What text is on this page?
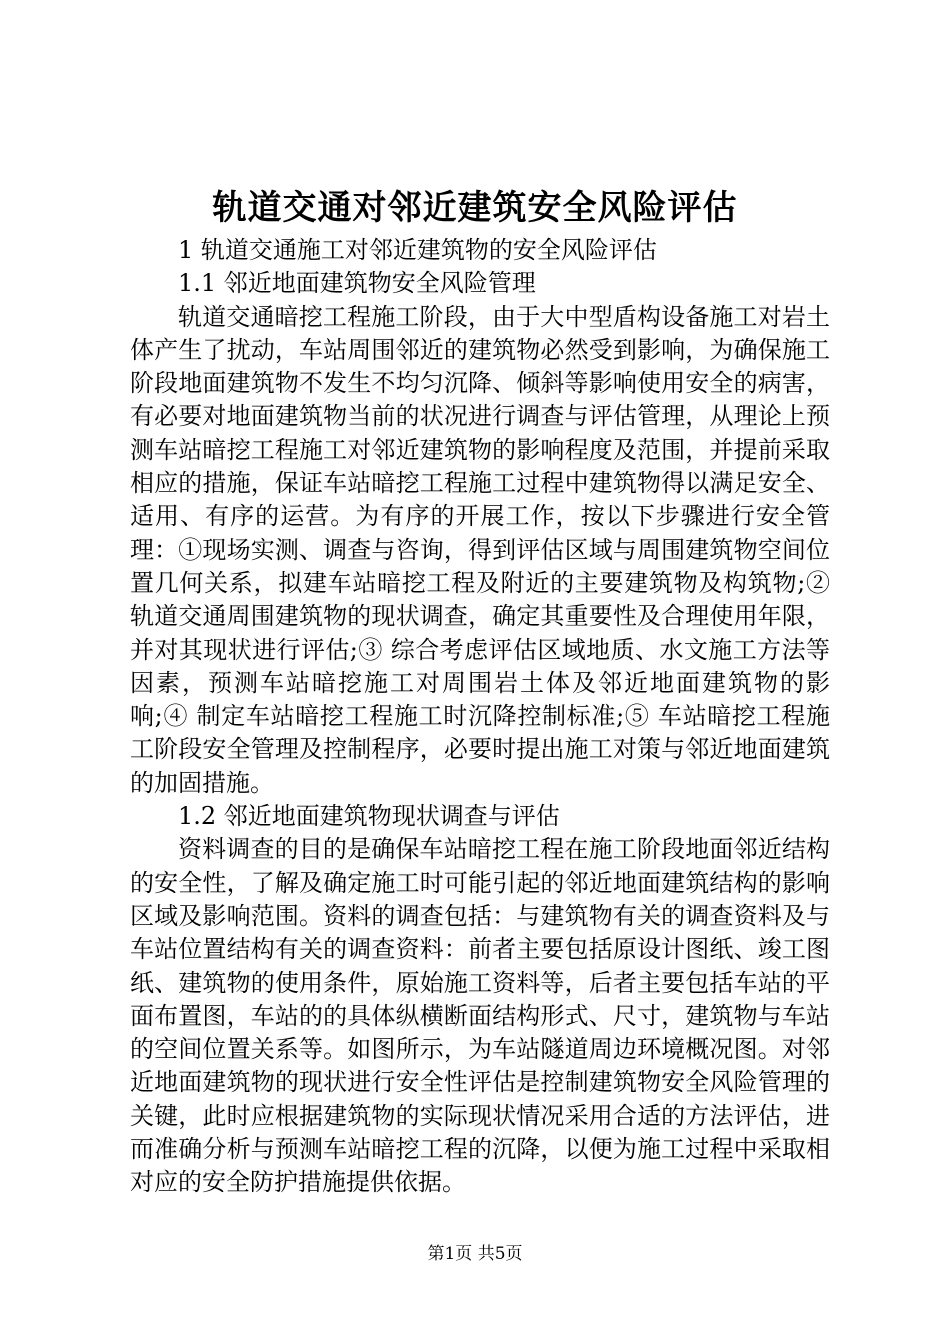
轨道交通对邻近建筑安全风险评估

1 轨道交通施工对邻近建筑物的安全风险评估

1.1 邻近地面建筑物安全风险管理

轨道交通暗挖工程施工阶段，由于大中型盾构设备施工对岩土体产生了扰动，车站周围邻近的建筑物必然受到影响，为确保施工阶段地面建筑物不发生不均匀沉降、倾斜等影响使用安全的病害，有必要对地面建筑物当前的状况进行调查与评估管理，从理论上预测车站暗挖工程施工对邻近建筑物的影响程度及范围，并提前采取相应的措施，保证车站暗挖工程施工过程中建筑物得以满足安全、适用、有序的运营。为有序的开展工作，按以下步骤进行安全管理：①现场实测、调查与咨询，得到评估区域与周围建筑物空间位置几何关系，拟建车站暗挖工程及附近的主要建筑物及构筑物;② 轨道交通周围建筑物的现状调查，确定其重要性及合理使用年限，并对其现状进行评估;③ 综合考虑评估区域地质、水文施工方法等因素，预测车站暗挖施工对周围岩土体及邻近地面建筑物的影响;④ 制定车站暗挖工程施工时沉降控制标准;⑤ 车站暗挖工程施工阶段安全管理及控制程序，必要时提出施工对策与邻近地面建筑的加固措施。

1.2 邻近地面建筑物现状调查与评估

资料调查的目的是确保车站暗挖工程在施工阶段地面邻近结构的安全性，了解及确定施工时可能引起的邻近地面建筑结构的影响区域及影响范围。资料的调查包括：与建筑物有关的调查资料及与车站位置结构有关的调查资料：前者主要包括原设计图纸、竣工图纸、建筑物的使用条件，原始施工资料等，后者主要包括车站的平面布置图，车站的的具体纵横断面结构形式、尺寸，建筑物与车站的空间位置关系等。如图所示，为车站隧道周边环境概况图。对邻近地面建筑物的现状进行安全性评估是控制建筑物安全风险管理的关键，此时应根据建筑物的实际现状情况采用合适的方法评估，进而准确分析与预测车站暗挖工程的沉降，以便为施工过程中采取相对应的安全防护措施提供依据。

第1页 共5页
